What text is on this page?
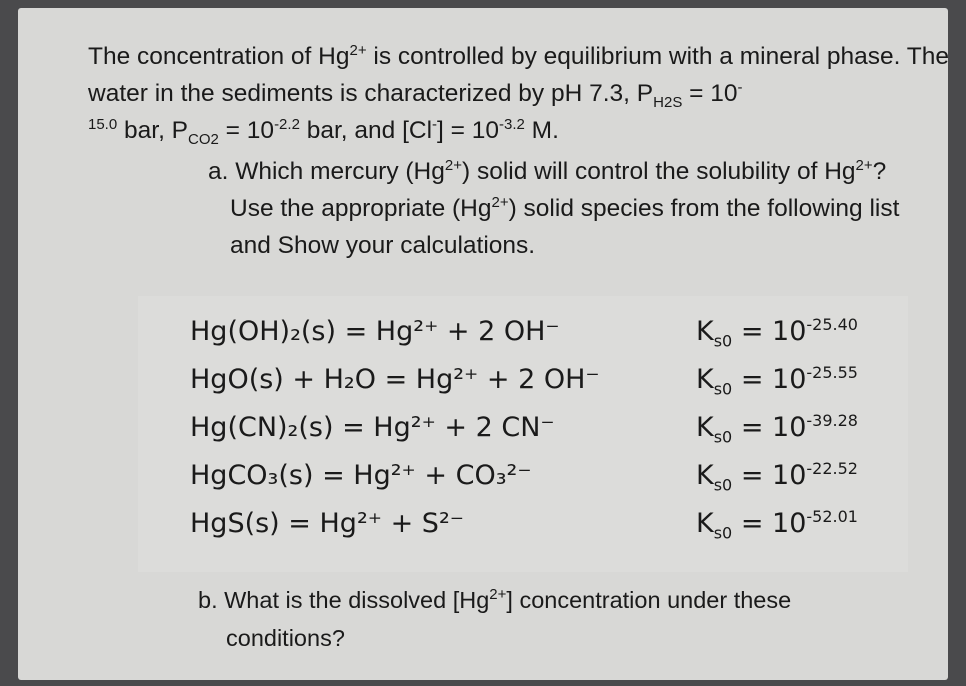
The concentration of $Hg^{2+}$ is controlled by equilibrium with a mineral phase. The water in the sediments is characterized by pH 7.3, $P_{H2S} = 10^-$
$^{15.0}$ bar, $P_{CO2} = 10^{-2.2}$ bar, and $[Cl^-] = 10^{-3.2}$ M.

a. Which mercury $(Hg^{2+})$ solid will control the solubility of $Hg^{2+}$?
Use the appropriate $(Hg^{2+})$ solid species from the following list
and Show your calculations.

Hg(OH)₂(s) = Hg²⁺ + 2 OH⁻	$K_{s0} = 10^{-25.40}$
HgO(s) + H₂O = Hg²⁺ + 2 OH⁻	$K_{s0} = 10^{-25.55}$
Hg(CN)₂(s) = Hg²⁺ + 2 CN⁻	$K_{s0} = 10^{-39.28}$
HgCO₃(s) = Hg²⁺ + CO₃²⁻	$K_{s0} = 10^{-22.52}$
HgS(s) = Hg²⁺ + S²⁻	$K_{s0} = 10^{-52.01}$

b. What is the dissolved $[Hg^{2+}]$ concentration under these
conditions?
